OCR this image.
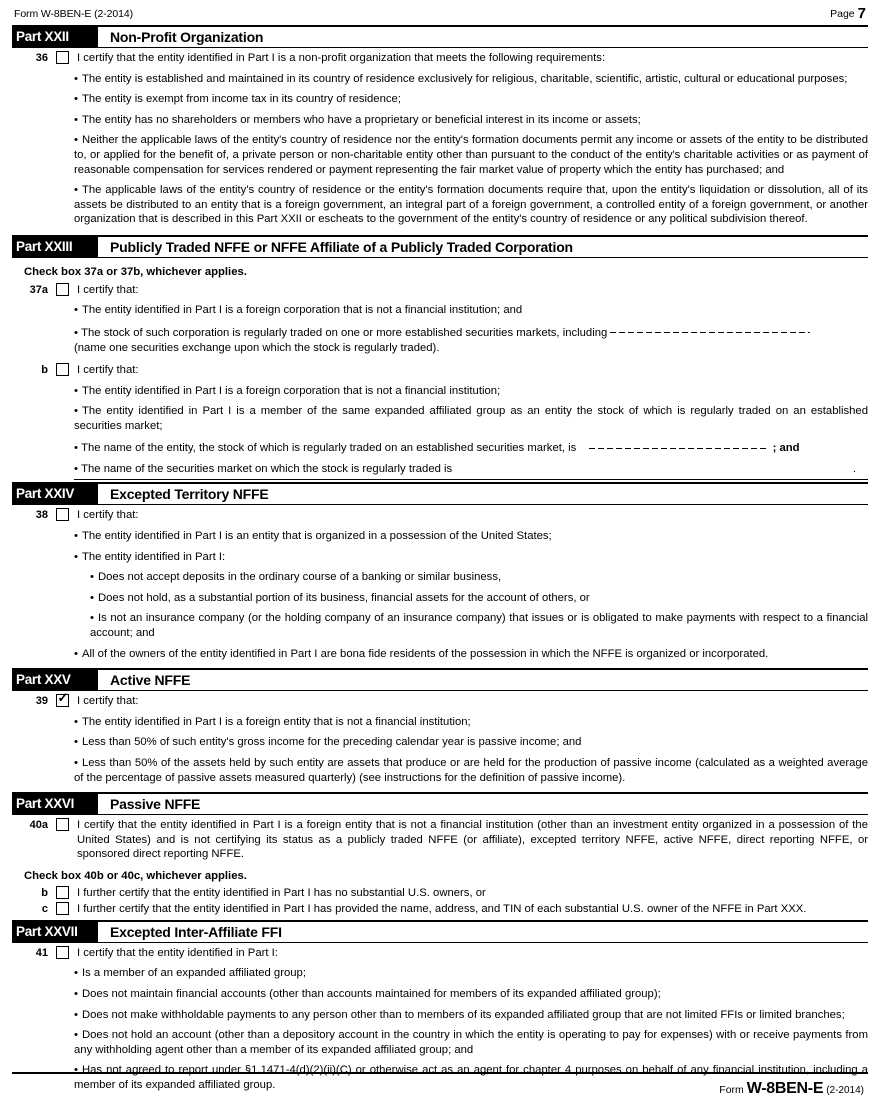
Form W-8BEN-E (2-2014)	Page 7
Part XXII	Non-Profit Organization
36	I certify that the entity identified in Part I is a non-profit organization that meets the following requirements:
• The entity is established and maintained in its country of residence exclusively for religious, charitable, scientific, artistic, cultural or educational purposes;
• The entity is exempt from income tax in its country of residence;
• The entity has no shareholders or members who have a proprietary or beneficial interest in its income or assets;
• Neither the applicable laws of the entity's country of residence nor the entity's formation documents permit any income or assets of the entity to be distributed to, or applied for the benefit of, a private person or non-charitable entity other than pursuant to the conduct of the entity's charitable activities or as payment of reasonable compensation for services rendered or payment representing the fair market value of property which the entity has purchased; and
• The applicable laws of the entity's country of residence or the entity's formation documents require that, upon the entity's liquidation or dissolution, all of its assets be distributed to an entity that is a foreign government, an integral part of a foreign government, a controlled entity of a foreign government, or another organization that is described in this Part XXII or escheats to the government of the entity's country of residence or any political subdivision thereof.
Part XXIII	Publicly Traded NFFE or NFFE Affiliate of a Publicly Traded Corporation
Check box 37a or 37b, whichever applies.
37a	I certify that:
• The entity identified in Part I is a foreign corporation that is not a financial institution; and
• The stock of such corporation is regularly traded on one or more established securities markets, including
(name one securities exchange upon which the stock is regularly traded).
b	I certify that:
• The entity identified in Part I is a foreign corporation that is not a financial institution;
• The entity identified in Part I is a member of the same expanded affiliated group as an entity the stock of which is regularly traded on an established securities market;
• The name of the entity, the stock of which is regularly traded on an established securities market, is	; and
• The name of the securities market on which the stock is regularly traded is	.
Part XXIV	Excepted Territory NFFE
38	I certify that:
• The entity identified in Part I is an entity that is organized in a possession of the United States;
• The entity identified in Part I:
• Does not accept deposits in the ordinary course of a banking or similar business,
• Does not hold, as a substantial portion of its business, financial assets for the account of others, or
• Is not an insurance company (or the holding company of an insurance company) that issues or is obligated to make payments with respect to a financial account; and
• All of the owners of the entity identified in Part I are bona fide residents of the possession in which the NFFE is organized or incorporated.
Part XXV	Active NFFE
39 ✓	I certify that:
• The entity identified in Part I is a foreign entity that is not a financial institution;
• Less than 50% of such entity's gross income for the preceding calendar year is passive income; and
• Less than 50% of the assets held by such entity are assets that produce or are held for the production of passive income (calculated as a weighted average of the percentage of passive assets measured quarterly) (see instructions for the definition of passive income).
Part XXVI	Passive NFFE
40a	I certify that the entity identified in Part I is a foreign entity that is not a financial institution (other than an investment entity organized in a possession of the United States) and is not certifying its status as a publicly traded NFFE (or affiliate), excepted territory NFFE, active NFFE, direct reporting NFFE, or sponsored direct reporting NFFE.
Check box 40b or 40c, whichever applies.
b	I further certify that the entity identified in Part I has no substantial U.S. owners, or
c	I further certify that the entity identified in Part I has provided the name, address, and TIN of each substantial U.S. owner of the NFFE in Part XXX.
Part XXVII	Excepted Inter-Affiliate FFI
41	I certify that the entity identified in Part I:
• Is a member of an expanded affiliated group;
• Does not maintain financial accounts (other than accounts maintained for members of its expanded affiliated group);
• Does not make withholdable payments to any person other than to members of its expanded affiliated group that are not limited FFIs or limited branches;
• Does not hold an account (other than a depository account in the country in which the entity is operating to pay for expenses) with or receive payments from any withholding agent other than a member of its expanded affiliated group; and
• Has not agreed to report under §1.1471-4(d)(2)(ii)(C) or otherwise act as an agent for chapter 4 purposes on behalf of any financial institution, including a member of its expanded affiliated group.	Form W-8BEN-E (2-2014)
